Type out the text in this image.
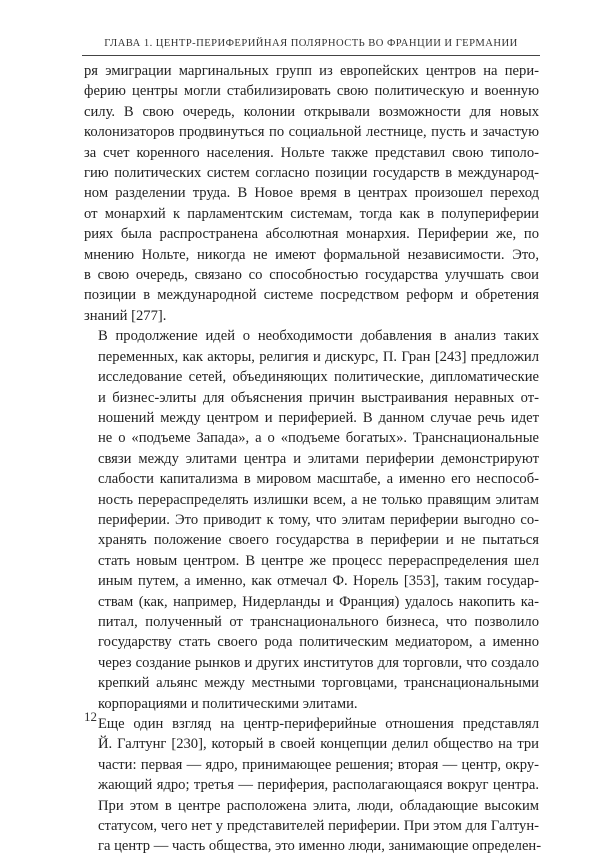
ГЛАВА 1. ЦЕНТР-ПЕРИФЕРИЙНАЯ ПОЛЯРНОСТЬ ВО ФРАНЦИИ И ГЕРМАНИИ

ря эмиграции маргинальных групп из европейских центров на пери-
ферию центры могли стабилизировать свою политическую и военную
силу. В свою очередь, колонии открывали возможности для новых
колонизаторов продвинуться по социальной лестнице, пусть и зачастую
за счет коренного населения. Нольте также представил свою типоло-
гию политических систем согласно позиции государств в международ-
ном разделении труда. В Новое время в центрах произошел переход
от монархий к парламентским системам, тогда как в полупериферии
риях была распространена абсолютная монархия. Периферии же, по
мнению Нольте, никогда не имеют формальной независимости. Это,
в свою очередь, связано со способностью государства улучшать свои
позиции в международной системе посредством реформ и обретения
знаний [277].

В продолжение идей о необходимости добавления в анализ таких
переменных, как акторы, религия и дискурс, П. Гран [243] предложил
исследование сетей, объединяющих политические, дипломатические
и бизнес-элиты для объяснения причин выстраивания неравных от-
ношений между центром и периферией. В данном случае речь идет
не о «подъеме Запада», а о «подъеме богатых». Транснациональные
связи между элитами центра и элитами периферии демонстрируют
слабости капитализма в мировом масштабе, а именно его неспособ-
ность перераспределять излишки всем, а не только правящим элитам
периферии. Это приводит к тому, что элитам периферии выгодно со-
хранять положение своего государства в периферии и не пытаться
стать новым центром. В центре же процесс перераспределения шел
иным путем, а именно, как отмечал Ф. Норель [353], таким государ-
ствам (как, например, Нидерланды и Франция) удалось накопить ка-
питал, полученный от транснационального бизнеса, что позволило
государству стать своего рода политическим медиатором, а именно
через создание рынков и других институтов для торговли, что создало
крепкий альянс между местными торговцами, транснациональными
корпорациями и политическими элитами.

Еще один взгляд на центр-периферийные отношения представлял
Й. Галтунг [230], который в своей концепции делил общество на три
части: первая — ядро, принимающее решения; вторая — центр, окру-
жающий ядро; третья — периферия, располагающаяся вокруг центра.
При этом в центре расположена элита, люди, обладающие высоким
статусом, чего нет у представителей периферии. При этом для Галтун-
га центр — часть общества, это именно люди, занимающие определен-

12
